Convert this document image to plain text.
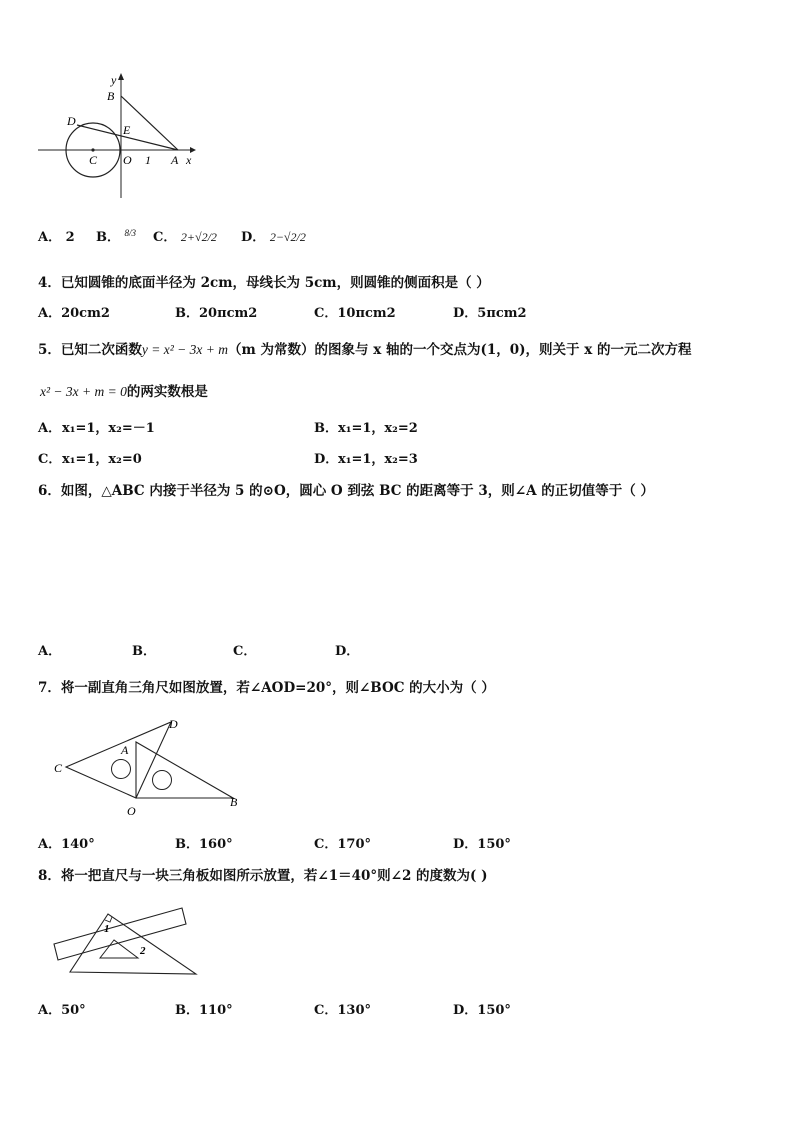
y
B
D
E
C O 1 A x
A． 2 B． 8/3 C． 2+√2/2 D． 2−√2/2
4．已知圆锥的底面半径为 2cm，母线长为 5cm，则圆锥的侧面积是（ ）
A．20cm2	B．20πcm2	C．10πcm2	D．5πcm2
5．已知二次函数y = x² − 3x + m（m 为常数）的图象与 x 轴的一个交点为(1，0)，则关于 x 的一元二次方程
x² − 3x + m = 0的两实数根是
A． x₁=1，x₂=－1	B． x₁=1，x₂=2
C． x₁=1，x₂=0	D． x₁=1，x₂=3
6．如图，△ABC 内接于半径为 5 的⊙O，圆心 O 到弦 BC 的距离等于 3，则∠A 的正切值等于（ ）
A．	B．	C．	D．
7．将一副直角三角尺如图放置，若∠AOD=20°，则∠BOC 的大小为（ ）
C
A
D
O
B
A．140°	B．160°	C．170°	D．150°
8．将一把直尺与一块三角板如图所示放置，若∠1＝40°则∠2 的度数为( )
1
2
A．50°	B．110°	C．130°	D．150°
